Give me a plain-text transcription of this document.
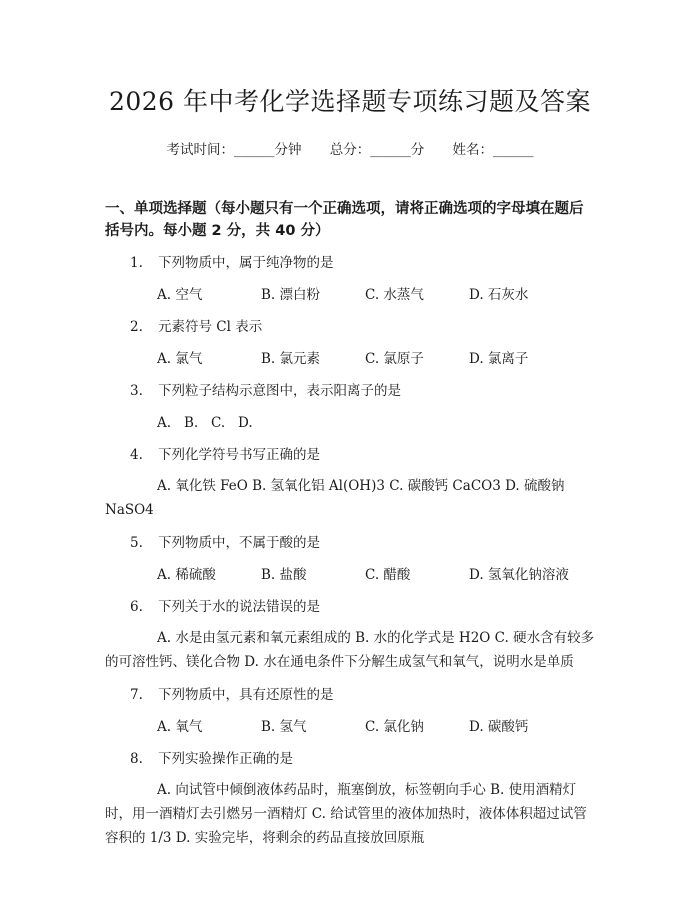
2026 年中考化学选择题专项练习题及答案
考试时间：______分钟 总分：______分 姓名：______
一、单项选择题（每小题只有一个正确选项，请将正确选项的字母填在题后括号内。每小题 2 分，共 40 分）
1. 下列物质中，属于纯净物的是
A. 空气	B. 漂白粉	C. 水蒸气	D. 石灰水
2. 元素符号 Cl 表示
A. 氯气	B. 氯元素	C. 氯原子	D. 氯离子
3. 下列粒子结构示意图中，表示阳离子的是
A. B. C. D.
4. 下列化学符号书写正确的是
A. 氧化铁 FeO B. 氢氧化铝 Al(OH)3 C. 碳酸钙 CaCO3 D. 硫酸钠 NaSO4
5. 下列物质中，不属于酸的是
A. 稀硫酸	B. 盐酸	C. 醋酸	D. 氢氧化钠溶液
6. 下列关于水的说法错误的是
A. 水是由氢元素和氧元素组成的 B. 水的化学式是 H2O C. 硬水含有较多的可溶性钙、镁化合物 D. 水在通电条件下分解生成氢气和氧气，说明水是单质
7. 下列物质中，具有还原性的是
A. 氧气	B. 氢气	C. 氯化钠	D. 碳酸钙
8. 下列实验操作正确的是
A. 向试管中倾倒液体药品时，瓶塞倒放，标签朝向手心 B. 使用酒精灯时，用一酒精灯去引燃另一酒精灯 C. 给试管里的液体加热时，液体体积超过试管容积的 1/3 D. 实验完毕，将剩余的药品直接放回原瓶
